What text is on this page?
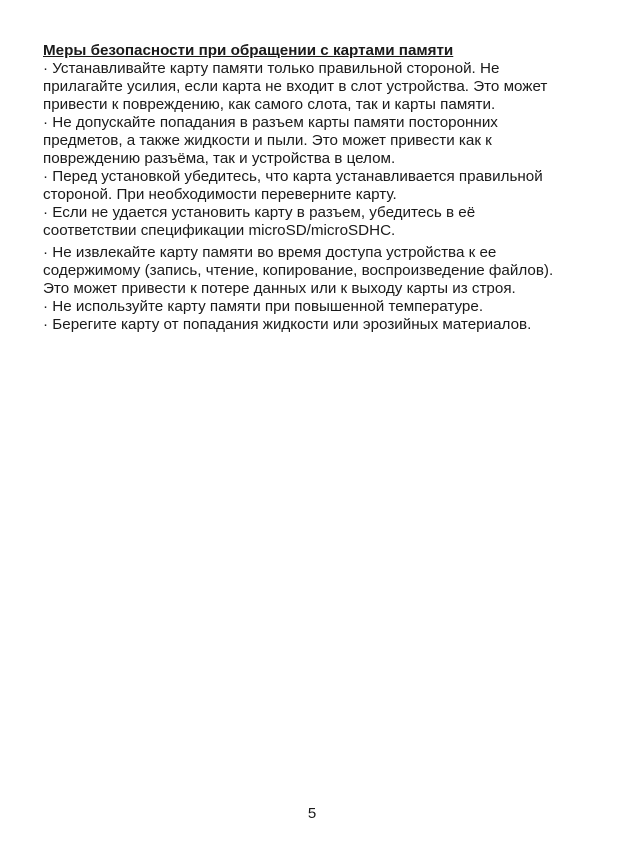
Меры безопасности при обращении с картами памяти

· Устанавливайте карту памяти только правильной стороной. Не
прилагайте усилия, если карта не входит в слот устройства. Это может
привести к повреждению, как самого слота, так и карты памяти.

· Не допускайте попадания в разъем карты памяти посторонних
предметов, а также жидкости и пыли. Это может привести как к
повреждению разъёма, так и устройства в целом.

· Перед установкой убедитесь, что карта устанавливается правильной
стороной. При необходимости переверните карту.

· Если не удается установить карту в разъем, убедитесь в её
соответствии спецификации microSD/microSDHC.

· Не извлекайте карту памяти во время доступа устройства к ее
содержимому (запись, чтение, копирование, воспроизведение файлов).
Это может привести к потере данных или к выходу карты из строя.

· Не используйте карту памяти при повышенной температуре.

· Берегите карту от попадания жидкости или эрозийных материалов.

5
